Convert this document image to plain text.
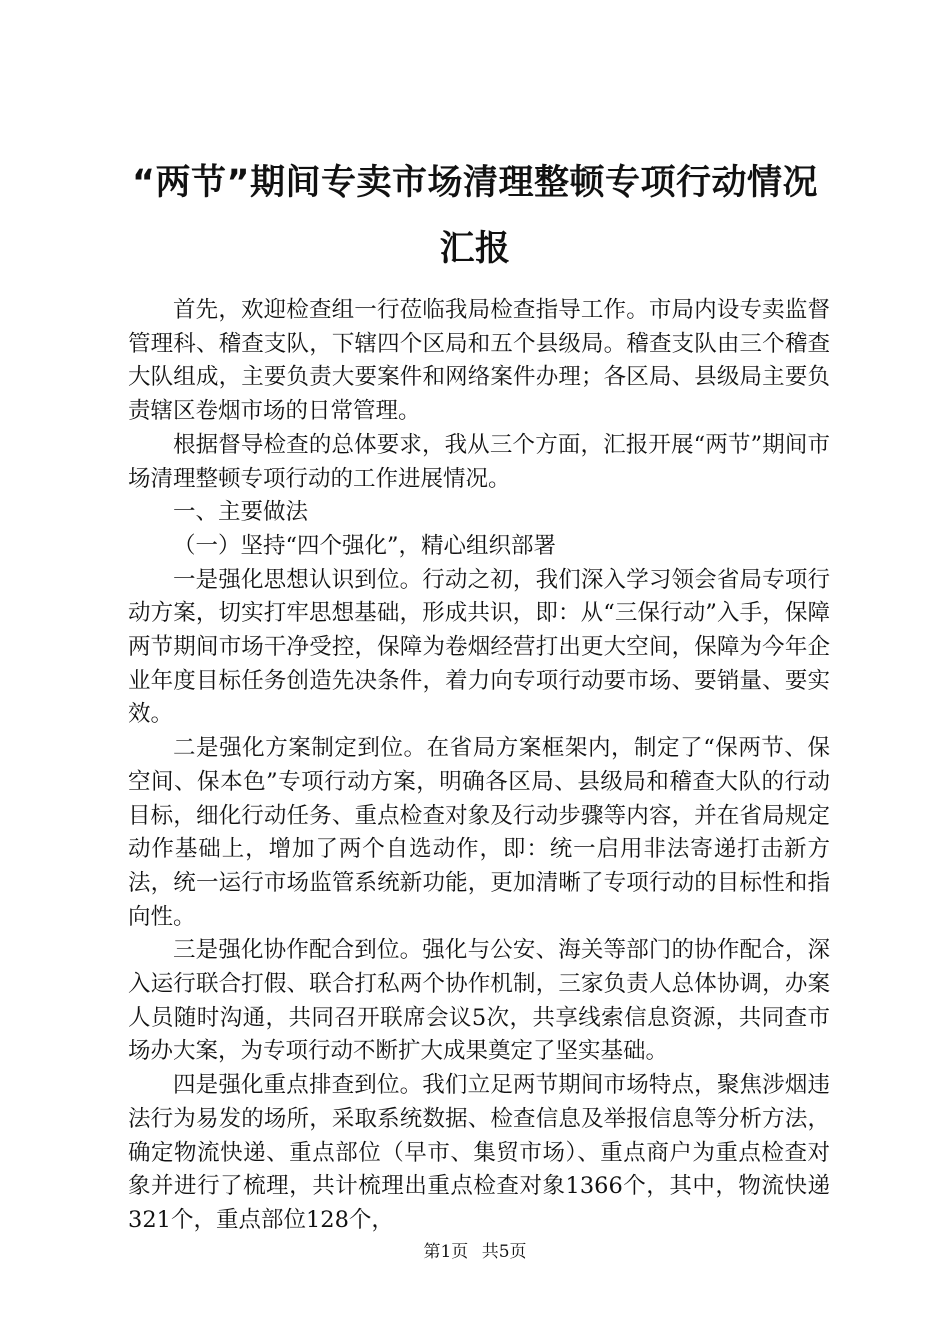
“两节”期间专卖市场清理整顿专项行动情况汇报

首先，欢迎检查组一行莅临我局检查指导工作。市局内设专卖监督管理科、稽查支队，下辖四个区局和五个县级局。稽查支队由三个稽查大队组成，主要负责大要案件和网络案件办理；各区局、县级局主要负责辖区卷烟市场的日常管理。

根据督导检查的总体要求，我从三个方面，汇报开展“两节”期间市场清理整顿专项行动的工作进展情况。

一、主要做法

（一）坚持“四个强化”，精心组织部署

一是强化思想认识到位。行动之初，我们深入学习领会省局专项行动方案，切实打牢思想基础，形成共识，即：从“三保行动”入手，保障两节期间市场干净受控，保障为卷烟经营打出更大空间，保障为今年企业年度目标任务创造先决条件，着力向专项行动要市场、要销量、要实效。

二是强化方案制定到位。在省局方案框架内，制定了“保两节、保空间、保本色”专项行动方案，明确各区局、县级局和稽查大队的行动目标，细化行动任务、重点检查对象及行动步骤等内容，并在省局规定动作基础上，增加了两个自选动作，即：统一启用非法寄递打击新方法，统一运行市场监管系统新功能，更加清晰了专项行动的目标性和指向性。

三是强化协作配合到位。强化与公安、海关等部门的协作配合，深入运行联合打假、联合打私两个协作机制，三家负责人总体协调，办案人员随时沟通，共同召开联席会议5次，共享线索信息资源，共同查市场办大案，为专项行动不断扩大成果奠定了坚实基础。

四是强化重点排查到位。我们立足两节期间市场特点，聚焦涉烟违法行为易发的场所，采取系统数据、检查信息及举报信息等分析方法，确定物流快递、重点部位（早市、集贸市场）、重点商户为重点检查对象并进行了梳理，共计梳理出重点检查对象1366个，其中，物流快递321个，重点部位128个，

第1页 共5页
